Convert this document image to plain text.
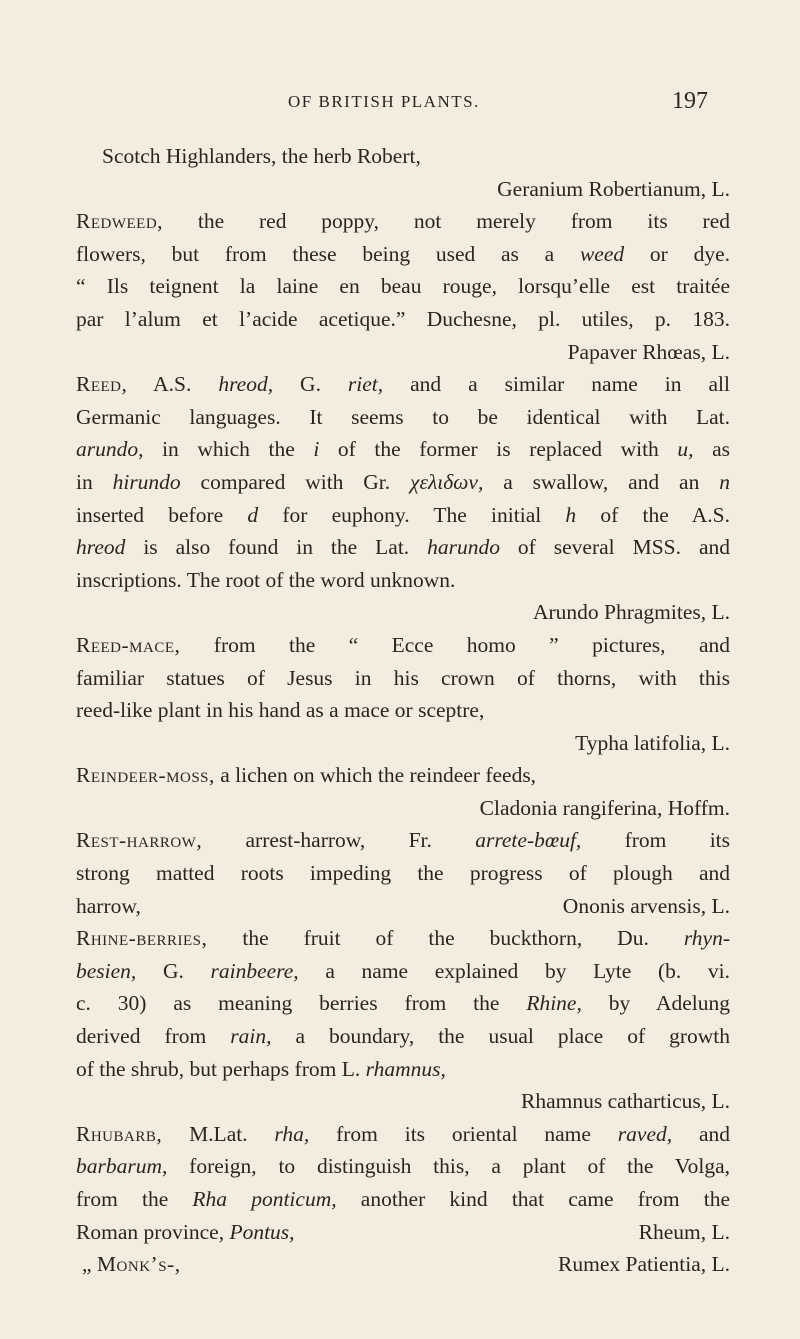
OF BRITISH PLANTS.	197
Scotch Highlanders, the herb Robert,
Geranium Robertianum, L.
Redweed, the red poppy, not merely from its red
flowers, but from these being used as a weed or dye.
“ Ils teignent la laine en beau rouge, lorsqu’elle est traitée
par l’alum et l’acide acetique.” Duchesne, pl. utiles, p. 183.
Papaver Rhœas, L.
Reed, A.S. hreod, G. riet, and a similar name in all
Germanic languages. It seems to be identical with Lat.
arundo, in which the i of the former is replaced with u, as
in hirundo compared with Gr. χελιδων, a swallow, and an n
inserted before d for euphony. The initial h of the A.S.
hreod is also found in the Lat. harundo of several MSS. and
inscriptions. The root of the word unknown.
Arundo Phragmites, L.
Reed-mace, from the “ Ecce homo ” pictures, and
familiar statues of Jesus in his crown of thorns, with this
reed-like plant in his hand as a mace or sceptre,
Typha latifolia, L.
Reindeer-moss, a lichen on which the reindeer feeds,
Cladonia rangiferina, Hoffm.
Rest-harrow, arrest-harrow, Fr. arrete-bœuf, from its
strong matted roots impeding the progress of plough and
harrow,	Ononis arvensis, L.
Rhine-berries, the fruit of the buckthorn, Du. rhyn-
besien, G. rainbeere, a name explained by Lyte (b. vi.
c. 30) as meaning berries from the Rhine, by Adelung
derived from rain, a boundary, the usual place of growth
of the shrub, but perhaps from L. rhamnus,
Rhamnus catharticus, L.
Rhubarb, M.Lat. rha, from its oriental name raved, and
barbarum, foreign, to distinguish this, a plant of the Volga,
from the Rha ponticum, another kind that came from the
Roman province, Pontus,	Rheum, L.
„ Monk’s-,	Rumex Patientia, L.
